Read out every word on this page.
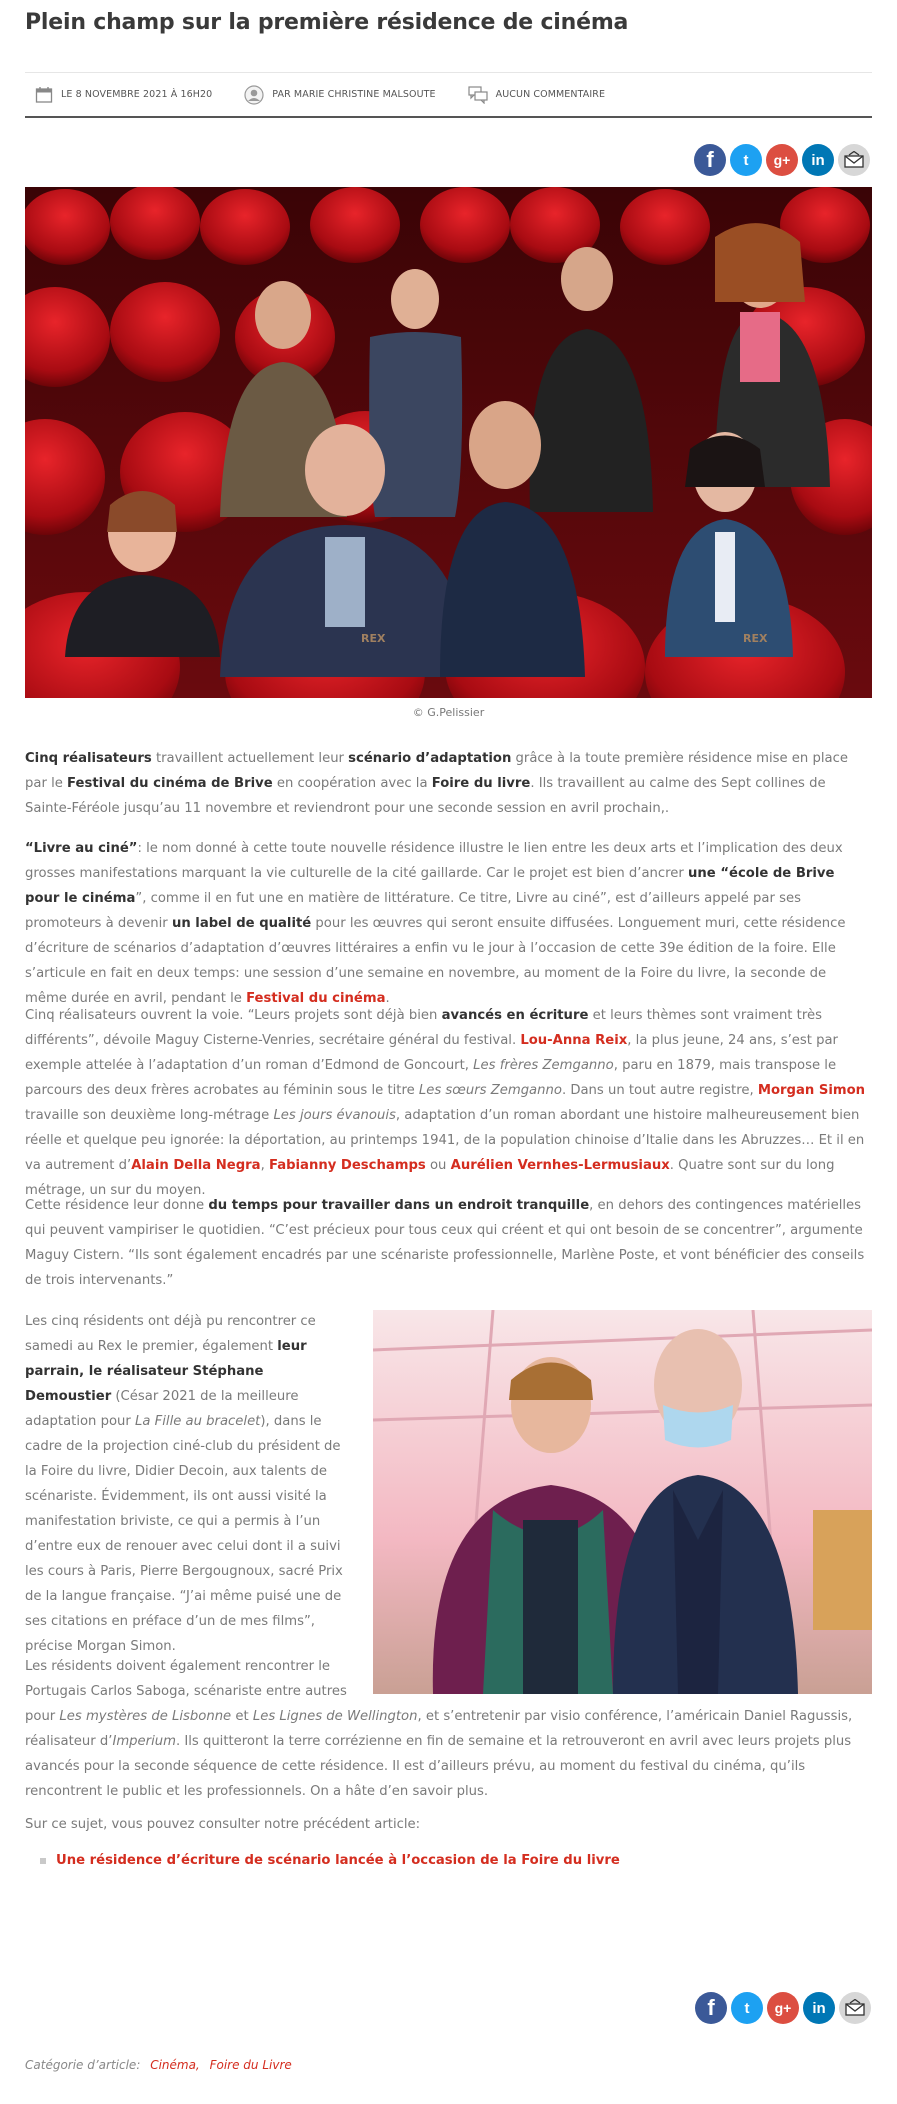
Plein champ sur la première résidence de cinéma
LE 8 NOVEMBRE 2021 À 16H20	PAR MARIE CHRISTINE MALSOUTE	AUCUN COMMENTAIRE
f t g+ in
REX
REX
© G.Pelissier

Cinq réalisateurs travaillent actuellement leur scénario d’adaptation grâce à la toute première résidence mise en place par le Festival du cinéma de Brive en coopération avec la Foire du livre. Ils travaillent au calme des Sept collines de Sainte-Féréole jusqu’au 11 novembre et reviendront pour une seconde session en avril prochain,.

“Livre au ciné”: le nom donné à cette toute nouvelle résidence illustre le lien entre les deux arts et l’implication des deux grosses manifestations marquant la vie culturelle de la cité gaillarde. Car le projet est bien d’ancrer une “école de Brive pour le cinéma”, comme il en fut une en matière de littérature. Ce titre, Livre au ciné”, est d’ailleurs appelé par ses promoteurs à devenir un label de qualité pour les œuvres qui seront ensuite diffusées. Longuement muri, cette résidence d’écriture de scénarios d’adaptation d’œuvres littéraires a enfin vu le jour à l’occasion de cette 39e édition de la foire. Elle s’articule en fait en deux temps: une session d’une semaine en novembre, au moment de la Foire du livre, la seconde de même durée en avril, pendant le Festival du cinéma.

Cinq réalisateurs ouvrent la voie. “Leurs projets sont déjà bien avancés en écriture et leurs thèmes sont vraiment très différents”, dévoile Maguy Cisterne-Venries, secrétaire général du festival. Lou-Anna Reix, la plus jeune, 24 ans, s’est par exemple attelée à l’adaptation d’un roman d’Edmond de Goncourt, Les frères Zemganno, paru en 1879, mais transpose le parcours des deux frères acrobates au féminin sous le titre Les sœurs Zemganno. Dans un tout autre registre, Morgan Simon travaille son deuxième long-métrage Les jours évanouis, adaptation d’un roman abordant une histoire malheureusement bien réelle et quelque peu ignorée: la déportation, au printemps 1941, de la population chinoise d’Italie dans les Abruzzes… Et il en va autrement d’Alain Della Negra, Fabianny Deschamps ou Aurélien Vernhes-Lermusiaux. Quatre sont sur du long métrage, un sur du moyen.

Cette résidence leur donne du temps pour travailler dans un endroit tranquille, en dehors des contingences matérielles qui peuvent vampiriser le quotidien. “C’est précieux pour tous ceux qui créent et qui ont besoin de se concentrer”, argumente Maguy Cistern. “Ils sont également encadrés par une scénariste professionnelle, Marlène Poste, et vont bénéficier des conseils de trois intervenants.”

Les cinq résidents ont déjà pu rencontrer ce samedi au Rex le premier, également leur parrain, le réalisateur Stéphane Demoustier (César 2021 de la meilleure adaptation pour La Fille au bracelet), dans le cadre de la projection ciné-club du président de la Foire du livre, Didier Decoin, aux talents de scénariste. Évidemment, ils ont aussi visité la manifestation briviste, ce qui a permis à l’un d’entre eux de renouer avec celui dont il a suivi les cours à Paris, Pierre Bergougnoux, sacré Prix de la langue française. “J’ai même puisé une de ses citations en préface d’un de mes films”, précise Morgan Simon.

Les résidents doivent également rencontrer le
Portugais Carlos Saboga, scénariste entre autres

pour Les mystères de Lisbonne et Les Lignes de Wellington, et s’entretenir par visio conférence, l’américain Daniel Ragussis, réalisateur d’Imperium. Ils quitteront la terre corrézienne en fin de semaine et la retrouveront en avril avec leurs projets plus avancés pour la seconde séquence de cette résidence. Il est d’ailleurs prévu, au moment du festival du cinéma, qu’ils rencontrent le public et les professionnels. On a hâte d’en savoir plus.

Sur ce sujet, vous pouvez consulter notre précédent article:

Une résidence d’écriture de scénario lancée à l’occasion de la Foire du livre
f t g+ in
Catégorie d’article: Cinéma, Foire du Livre
